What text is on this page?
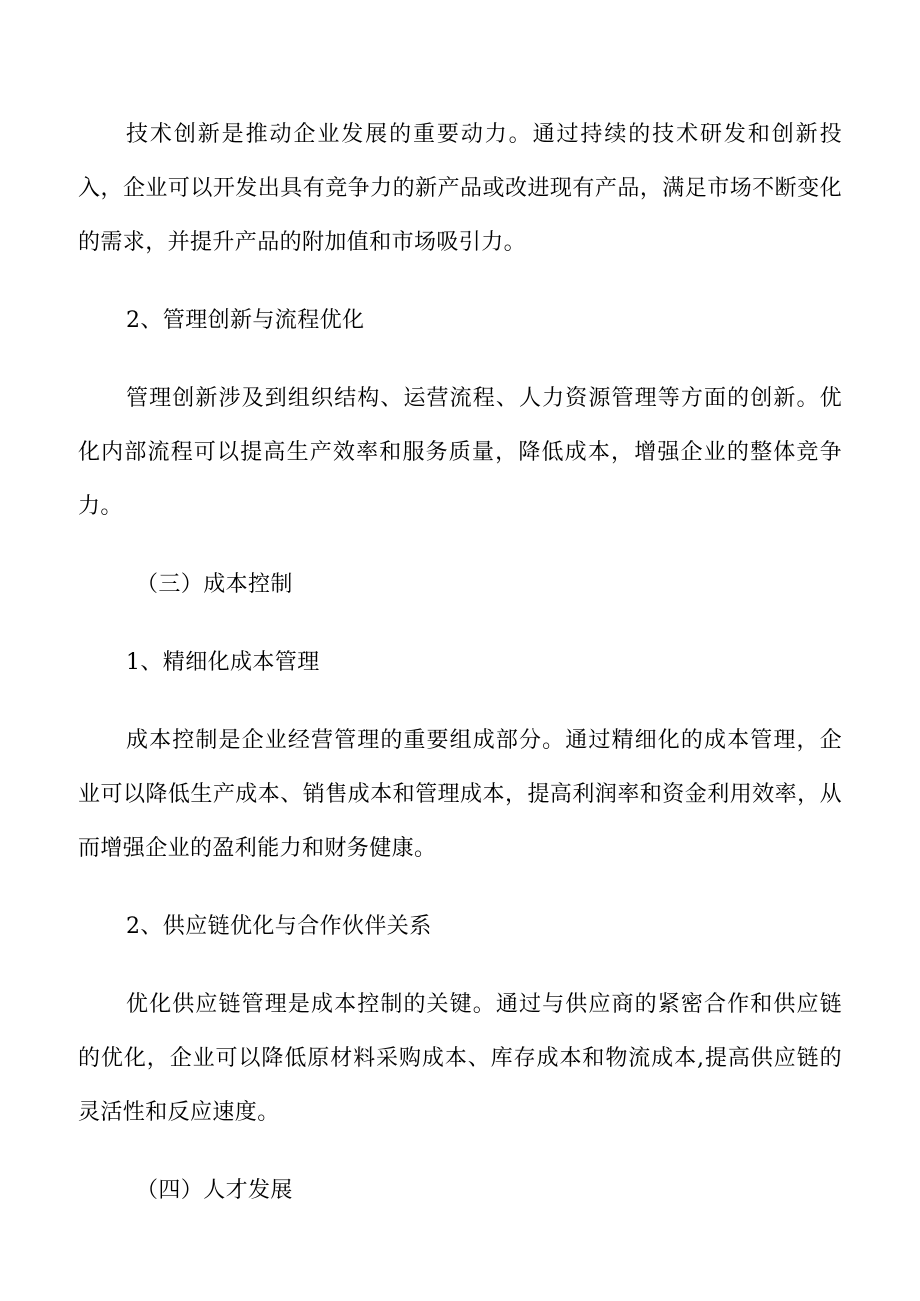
技术创新是推动企业发展的重要动力。通过持续的技术研发和创新投入，企业可以开发出具有竞争力的新产品或改进现有产品，满足市场不断变化的需求，并提升产品的附加值和市场吸引力。

2、管理创新与流程优化

管理创新涉及到组织结构、运营流程、人力资源管理等方面的创新。优化内部流程可以提高生产效率和服务质量，降低成本，增强企业的整体竞争力。

（三）成本控制

1、精细化成本管理

成本控制是企业经营管理的重要组成部分。通过精细化的成本管理，企业可以降低生产成本、销售成本和管理成本，提高利润率和资金利用效率，从而增强企业的盈利能力和财务健康。

2、供应链优化与合作伙伴关系

优化供应链管理是成本控制的关键。通过与供应商的紧密合作和供应链的优化，企业可以降低原材料采购成本、库存成本和物流成本,提高供应链的灵活性和反应速度。

（四）人才发展
